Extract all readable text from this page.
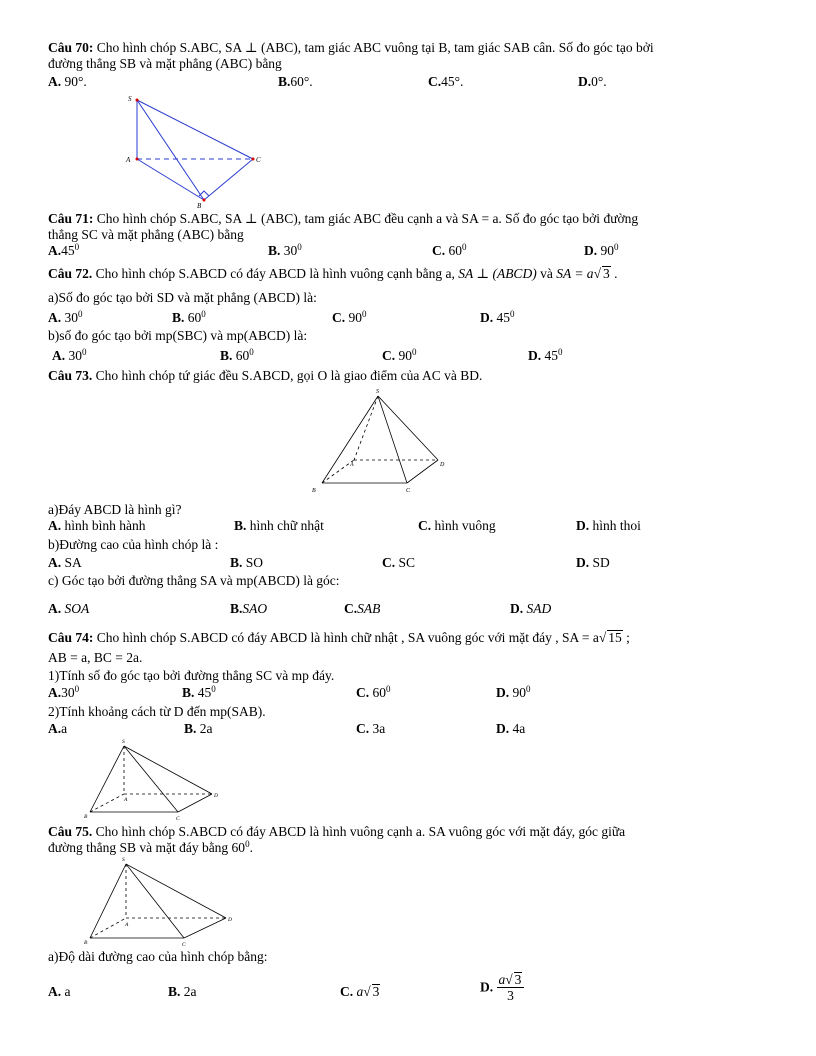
Câu 70: Cho hình chóp S.ABC, SA ⊥ (ABC), tam giác ABC vuông tại B, tam giác SAB cân. Số đo góc tạo bởi
đường thẳng SB và mặt phẳng (ABC) bằng
A. 90°.	B.60°.	C.45°.	D.0°.
S
A	C
B
Câu 71: Cho hình chóp S.ABC, SA ⊥ (ABC), tam giác ABC đều cạnh a và SA = a. Số đo góc tạo bởi đường
thẳng SC và mặt phẳng (ABC) bằng
$A.45^0$	B. $30^0$	C. $60^0$	D. $90^0$
Câu 72. Cho hình chóp S.ABCD có đáy ABCD là hình vuông cạnh bằng a, SA ⊥ (ABCD) và SA = a√ 3 .
a)Số đo góc tạo bởi SD và mặt phẳng (ABCD) là:
A. $30^0$	B. $60^0$	C. $90^0$	D. $45^0$
b)số đo góc tạo bởi mp(SBC) và mp(ABCD) là:
A. $30^0$	B. $60^0$	C. $90^0$	D. $45^0$
Câu 73. Cho hình chóp tứ giác đều S.ABCD, gọi O là giao điểm của AC và BD.
S
A
B	C
D
a)Đáy ABCD là hình gì?
A. hình bình hành	B. hình chữ nhật	C. hình vuông	D. hình thoi
b)Đường cao của hình chóp là :
A. SA	B. SO	C. SC	D. SD
c) Góc tạo bởi đường thẳng SA và mp(ABCD) là góc:
A. SOA	B.SAO	C.SAB	D. SAD
Câu 74: Cho hình chóp S.ABCD có đáy ABCD là hình chữ nhật , SA vuông góc với mặt đáy , SA = a√ 15 ;
AB = a, BC = 2a.
1)Tính số đo góc tạo bởi đường thẳng SC và mp đáy.
$A.30^0$	B. $45^0$	C. $60^0$	D. $90^0$
2)Tính khoảng cách từ D đến mp(SAB).
A.a	B. 2a	C. 3a	D. 4a
S
A
B	C
D
Câu 75. Cho hình chóp S.ABCD có đáy ABCD là hình vuông cạnh a. SA vuông góc với mặt đáy, góc giữa
đường thẳng SB và mặt đáy bằng $60^0$.
S
A
B	C
D
a)Độ dài đường cao của hình chóp bằng:
A. a	B. 2a	C. a√ 3	D. $\frac{a√ 3}{3}$
